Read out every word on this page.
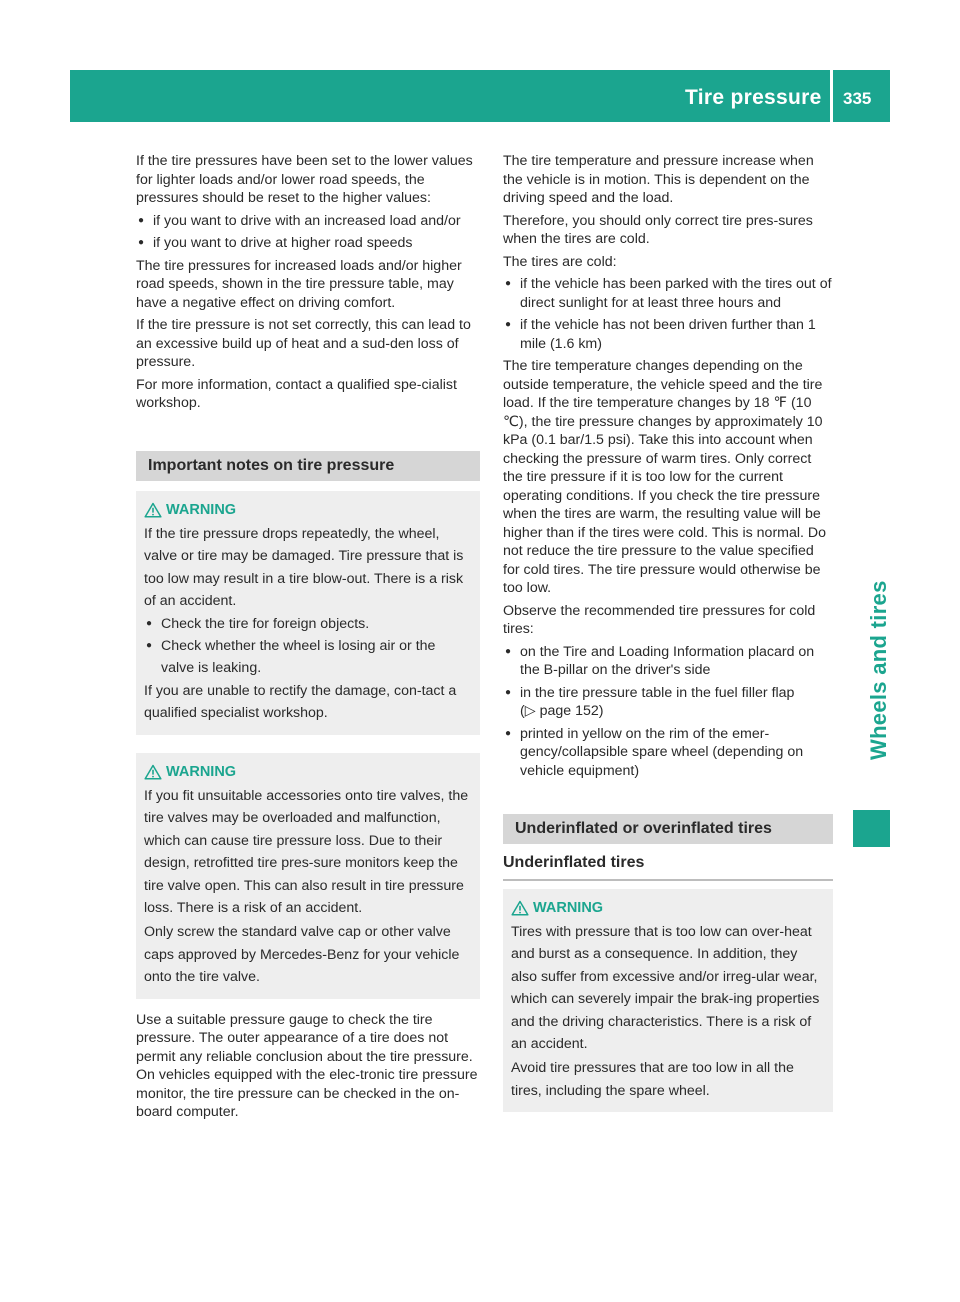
Tire pressure 335
Wheels and tires

If the tire pressures have been set to the lower values for lighter loads and/or lower road speeds, the pressures should be reset to the higher values:

● if you want to drive with an increased load and/or
● if you want to drive at higher road speeds

The tire pressures for increased loads and/or higher road speeds, shown in the tire pressure table, may have a negative effect on driving comfort.

If the tire pressure is not set correctly, this can lead to an excessive build up of heat and a sud-den loss of pressure.

For more information, contact a qualified spe-cialist workshop.

Important notes on tire pressure
WARNING

If the tire pressure drops repeatedly, the wheel, valve or tire may be damaged. Tire pressure that is too low may result in a tire blow-out. There is a risk of an accident.

● Check the tire for foreign objects.
● Check whether the wheel is losing air or the valve is leaking.

If you are unable to rectify the damage, con-tact a qualified specialist workshop.

WARNING

If you fit unsuitable accessories onto tire valves, the tire valves may be overloaded and malfunction, which can cause tire pressure loss. Due to their design, retrofitted tire pres-sure monitors keep the tire valve open. This can also result in tire pressure loss. There is a risk of an accident.

Only screw the standard valve cap or other valve caps approved by Mercedes-Benz for your vehicle onto the tire valve.

Use a suitable pressure gauge to check the tire pressure. The outer appearance of a tire does not permit any reliable conclusion about the tire pressure. On vehicles equipped with the elec-tronic tire pressure monitor, the tire pressure can be checked in the on-board computer.

The tire temperature and pressure increase when the vehicle is in motion. This is dependent on the driving speed and the load.

Therefore, you should only correct tire pres-sures when the tires are cold.

The tires are cold:

● if the vehicle has been parked with the tires out of direct sunlight for at least three hours and
● if the vehicle has not been driven further than 1 mile (1.6 km)

The tire temperature changes depending on the outside temperature, the vehicle speed and the tire load. If the tire temperature changes by 18 ℉ (10 ℃), the tire pressure changes by approximately 10 kPa (0.1 bar/1.5 psi). Take this into account when checking the pressure of warm tires. Only correct the tire pressure if it is too low for the current operating conditions. If you check the tire pressure when the tires are warm, the resulting value will be higher than if the tires were cold. This is normal. Do not reduce the tire pressure to the value specified for cold tires. The tire pressure would otherwise be too low.

Observe the recommended tire pressures for cold tires:

● on the Tire and Loading Information placard on the B-pillar on the driver's side
● in the tire pressure table in the fuel filler flap (▷ page 152)
● printed in yellow on the rim of the emer-gency/collapsible spare wheel (depending on vehicle equipment)
Underinflated or overinflated tires
Underinflated tires
WARNING

Tires with pressure that is too low can over-heat and burst as a consequence. In addition, they also suffer from excessive and/or irreg-ular wear, which can severely impair the brak-ing properties and the driving characteristics. There is a risk of an accident.

Avoid tire pressures that are too low in all the tires, including the spare wheel.
